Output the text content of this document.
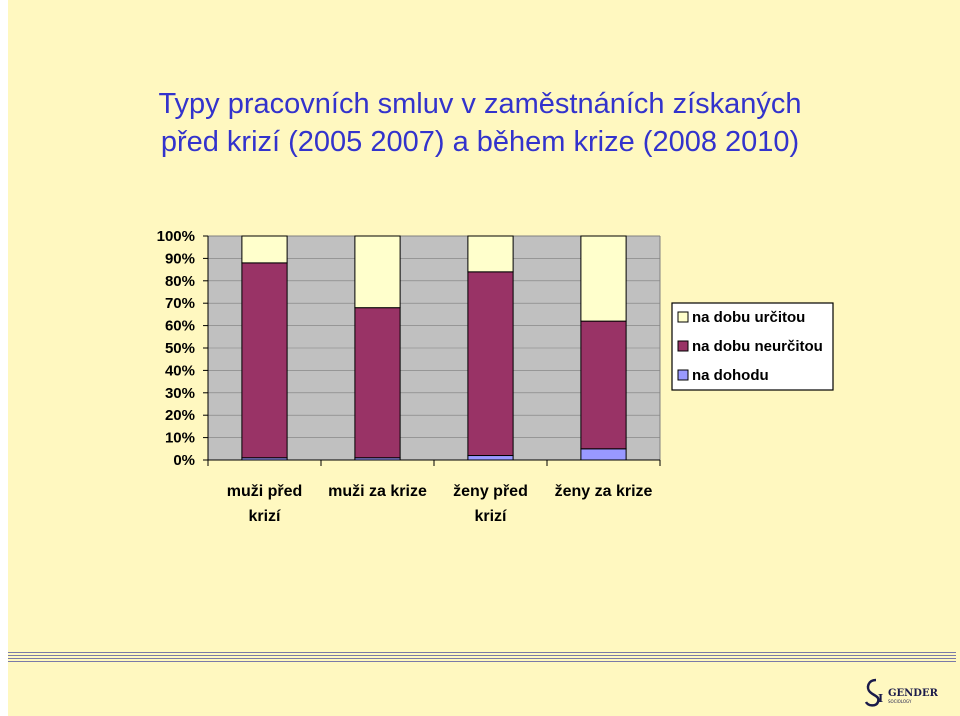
Typy pracovních smluv v zaměstnáních získaných
před krizí (2005 2007) a během krize (2008 2010)
0%
10%
20%
30%
40%
50%
60%
70%
80%
90%
100%
muži před
krizí
muži za krize ženy před
krizí
ženy za krize
na dobu určitou
na dobu neurčitou
na dohodu
I GENDER
SOCIOLOGY
